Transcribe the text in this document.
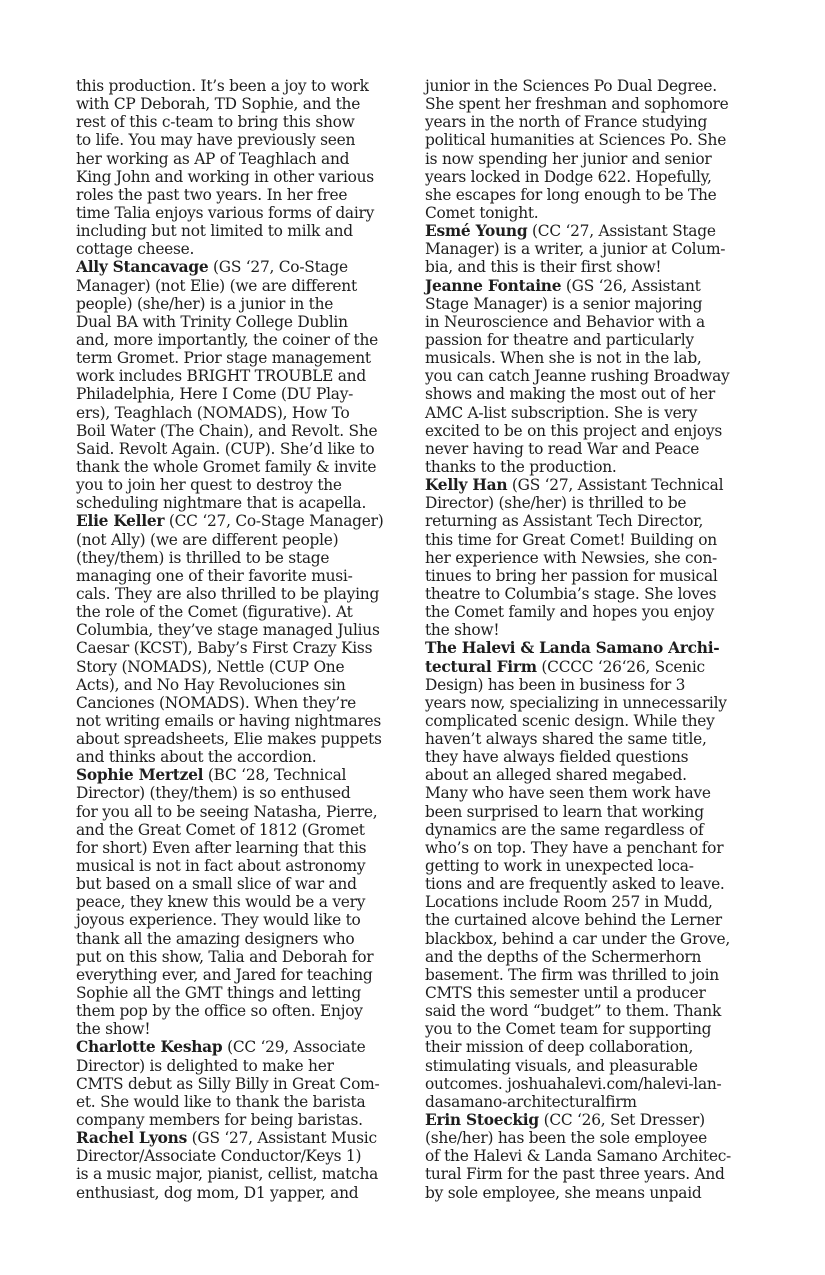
this production. It’s been a joy to work
with CP Deborah, TD Sophie, and the
rest of this c-team to bring this show
to life. You may have previously seen
her working as AP of Teaghlach and
King John and working in other various
roles the past two years. In her free
time Talia enjoys various forms of dairy
including but not limited to milk and
cottage cheese.
Ally Stancavage (GS ‘27, Co-Stage
Manager) (not Elie) (we are different
people) (she/her) is a junior in the
Dual BA with Trinity College Dublin
and, more importantly, the coiner of the
term Gromet. Prior stage management
work includes BRIGHT TROUBLE and
Philadelphia, Here I Come (DU Play-
ers), Teaghlach (NOMADS), How To
Boil Water (The Chain), and Revolt. She
Said. Revolt Again. (CUP). She’d like to
thank the whole Gromet family & invite
you to join her quest to destroy the
scheduling nightmare that is acapella.
Elie Keller (CC ‘27, Co-Stage Manager)
(not Ally) (we are different people)
(they/them) is thrilled to be stage
managing one of their favorite musi-
cals. They are also thrilled to be playing
the role of the Comet (figurative). At
Columbia, they’ve stage managed Julius
Caesar (KCST), Baby’s First Crazy Kiss
Story (NOMADS), Nettle (CUP One
Acts), and No Hay Revoluciones sin
Canciones (NOMADS). When they’re
not writing emails or having nightmares
about spreadsheets, Elie makes puppets
and thinks about the accordion.
Sophie Mertzel (BC ‘28, Technical
Director) (they/them) is so enthused
for you all to be seeing Natasha, Pierre,
and the Great Comet of 1812 (Gromet
for short) Even after learning that this
musical is not in fact about astronomy
but based on a small slice of war and
peace, they knew this would be a very
joyous experience. They would like to
thank all the amazing designers who
put on this show, Talia and Deborah for
everything ever, and Jared for teaching
Sophie all the GMT things and letting
them pop by the office so often. Enjoy
the show!
Charlotte Keshap (CC ‘29, Associate
Director) is delighted to make her
CMTS debut as Silly Billy in Great Com-
et. She would like to thank the barista
company members for being baristas.
Rachel Lyons (GS ‘27, Assistant Music
Director/Associate Conductor/Keys 1)
is a music major, pianist, cellist, matcha
enthusiast, dog mom, D1 yapper, and
junior in the Sciences Po Dual Degree.
She spent her freshman and sophomore
years in the north of France studying
political humanities at Sciences Po. She
is now spending her junior and senior
years locked in Dodge 622. Hopefully,
she escapes for long enough to be The
Comet tonight.
Esmé Young (CC ‘27, Assistant Stage
Manager) is a writer, a junior at Colum-
bia, and this is their first show!
Jeanne Fontaine (GS ‘26, Assistant
Stage Manager) is a senior majoring
in Neuroscience and Behavior with a
passion for theatre and particularly
musicals. When she is not in the lab,
you can catch Jeanne rushing Broadway
shows and making the most out of her
AMC A-list subscription. She is very
excited to be on this project and enjoys
never having to read War and Peace
thanks to the production.
Kelly Han (GS ‘27, Assistant Technical
Director) (she/her) is thrilled to be
returning as Assistant Tech Director,
this time for Great Comet! Building on
her experience with Newsies, she con-
tinues to bring her passion for musical
theatre to Columbia’s stage. She loves
the Comet family and hopes you enjoy
the show!
The Halevi & Landa Samano Archi-
tectural Firm (CCCC ‘26‘26, Scenic
Design) has been in business for 3
years now, specializing in unnecessarily
complicated scenic design. While they
haven’t always shared the same title,
they have always fielded questions
about an alleged shared megabed.
Many who have seen them work have
been surprised to learn that working
dynamics are the same regardless of
who’s on top. They have a penchant for
getting to work in unexpected loca-
tions and are frequently asked to leave.
Locations include Room 257 in Mudd,
the curtained alcove behind the Lerner
blackbox, behind a car under the Grove,
and the depths of the Schermerhorn
basement. The firm was thrilled to join
CMTS this semester until a producer
said the word “budget” to them. Thank
you to the Comet team for supporting
their mission of deep collaboration,
stimulating visuals, and pleasurable
outcomes. joshuahalevi.com/halevi-lan-
dasamano-architecturalfirm
Erin Stoeckig (CC ‘26, Set Dresser)
(she/her) has been the sole employee
of the Halevi & Landa Samano Architec-
tural Firm for the past three years. And
by sole employee, she means unpaid
